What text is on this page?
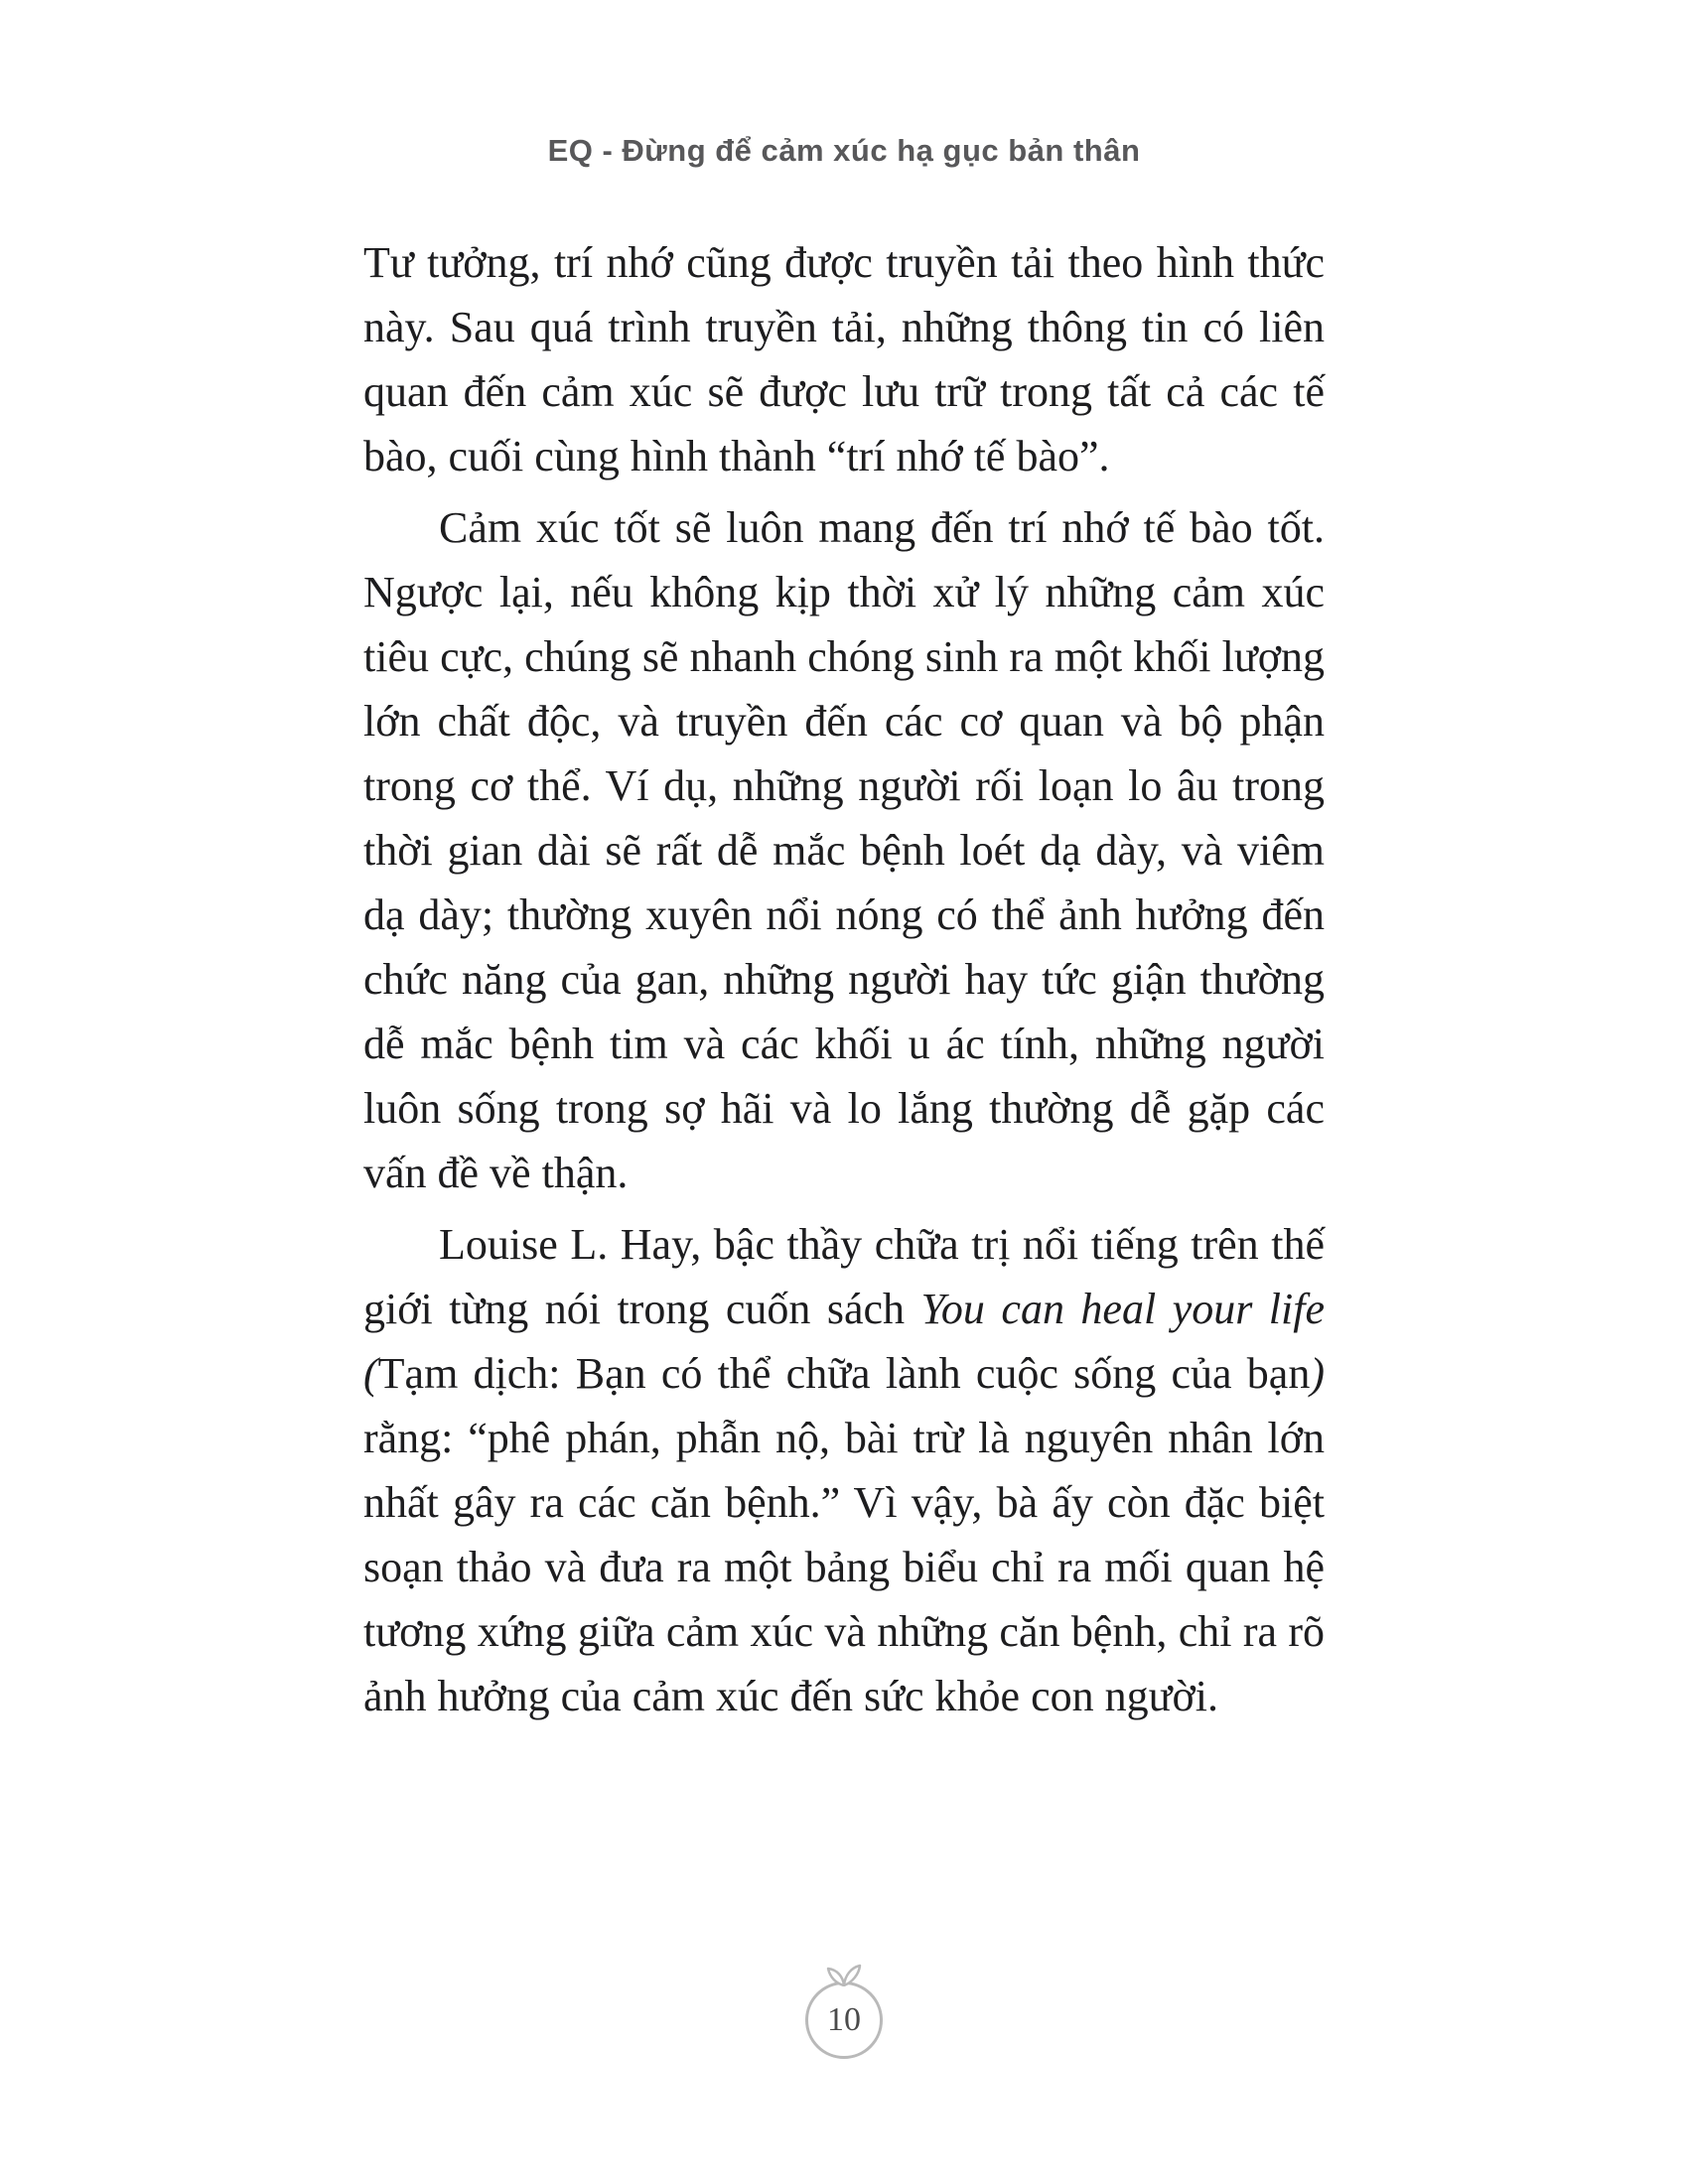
EQ - Đừng để cảm xúc hạ gục bản thân

Tư tưởng, trí nhớ cũng được truyền tải theo hình thức này. Sau quá trình truyền tải, những thông tin có liên quan đến cảm xúc sẽ được lưu trữ trong tất cả các tế bào, cuối cùng hình thành “trí nhớ tế bào”.

Cảm xúc tốt sẽ luôn mang đến trí nhớ tế bào tốt. Ngược lại, nếu không kịp thời xử lý những cảm xúc tiêu cực, chúng sẽ nhanh chóng sinh ra một khối lượng lớn chất độc, và truyền đến các cơ quan và bộ phận trong cơ thể. Ví dụ, những người rối loạn lo âu trong thời gian dài sẽ rất dễ mắc bệnh loét dạ dày, và viêm dạ dày; thường xuyên nổi nóng có thể ảnh hưởng đến chức năng của gan, những người hay tức giận thường dễ mắc bệnh tim và các khối u ác tính, những người luôn sống trong sợ hãi và lo lắng thường dễ gặp các vấn đề về thận.

Louise L. Hay, bậc thầy chữa trị nổi tiếng trên thế giới từng nói trong cuốn sách You can heal your life (Tạm dịch: Bạn có thể chữa lành cuộc sống của bạn) rằng: “phê phán, phẫn nộ, bài trừ là nguyên nhân lớn nhất gây ra các căn bệnh.” Vì vậy, bà ấy còn đặc biệt soạn thảo và đưa ra một bảng biểu chỉ ra mối quan hệ tương xứng giữa cảm xúc và những căn bệnh, chỉ ra rõ ảnh hưởng của cảm xúc đến sức khỏe con người.

10
